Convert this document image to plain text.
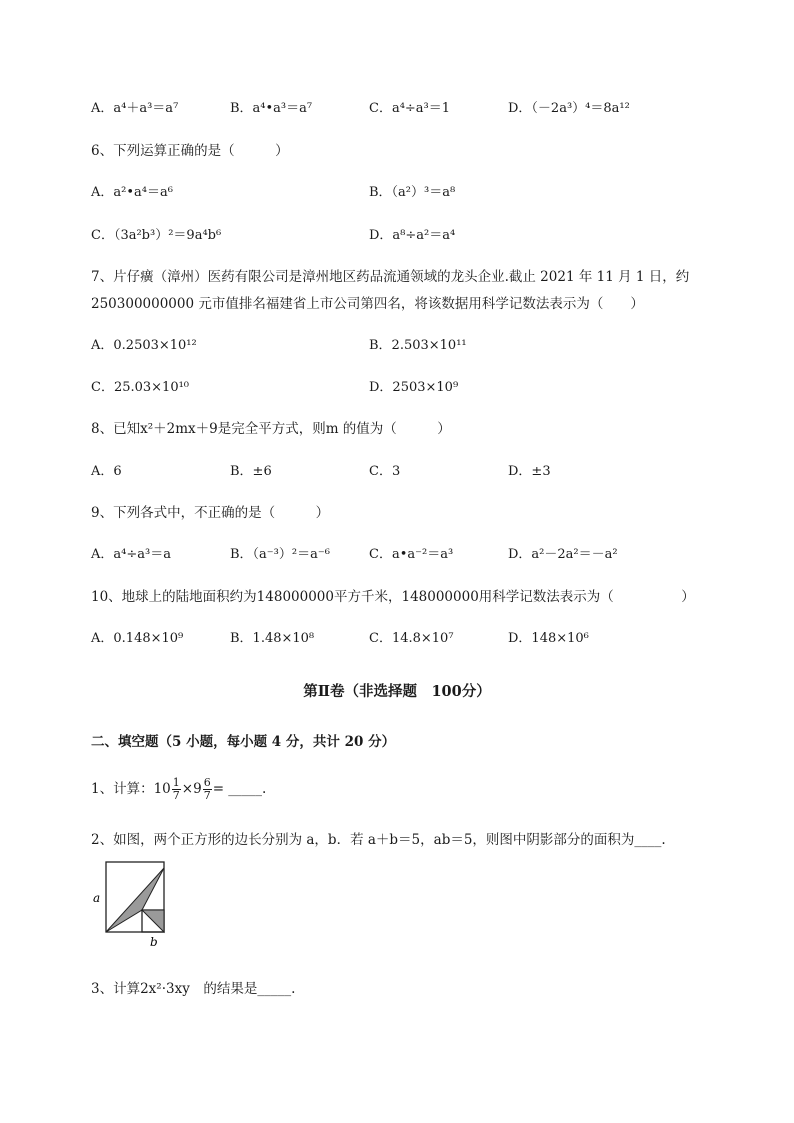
A．a⁴＋a³＝a⁷	B．a⁴•a³＝a⁷	C．a⁴÷a³＝1	D．（－2a³）⁴＝8a¹²
6、下列运算正确的是（　　　）
A．a²•a⁴＝a⁶	B．（a²）³＝a⁸
C．（3a²b³）²＝9a⁴b⁶	D．a⁸÷a²＝a⁴
7、片仔癀（漳州）医药有限公司是漳州地区药品流通领域的龙头企业.截止 2021 年 11 月 1 日，约
250300000000 元市值排名福建省上市公司第四名，将该数据用科学记数法表示为（　　）
A．0.2503×10¹²	B．2.503×10¹¹
C．25.03×10¹⁰	D．2503×10⁹
8、已知x²＋2mx＋9是完全平方式，则m 的值为（　　　）
A．6	B．±6	C．3	D．±3
9、下列各式中，不正确的是（　　　）
A．a⁴÷a³＝a	B．（a⁻³）²＝a⁻⁶	C．a•a⁻²＝a³	D．a²－2a²＝－a²
10、地球上的陆地面积约为148000000平方千米，148000000用科学记数法表示为（　　　　　）
A．0.148×10⁹	B．1.48×10⁸	C．14.8×10⁷	D．148×10⁶
第Ⅱ卷（非选择题　100分）
二、填空题（5 小题，每小题 4 分，共计 20 分）
1、计算：$10 \frac{1}{7} \times 9 \frac{6}{7}$ = _____.
2、如图，两个正方形的边长分别为 a，b．若 a＋b＝5，ab＝5，则图中阴影部分的面积为____.
a
b
3、计算2x²·3xy　的结果是_____.
